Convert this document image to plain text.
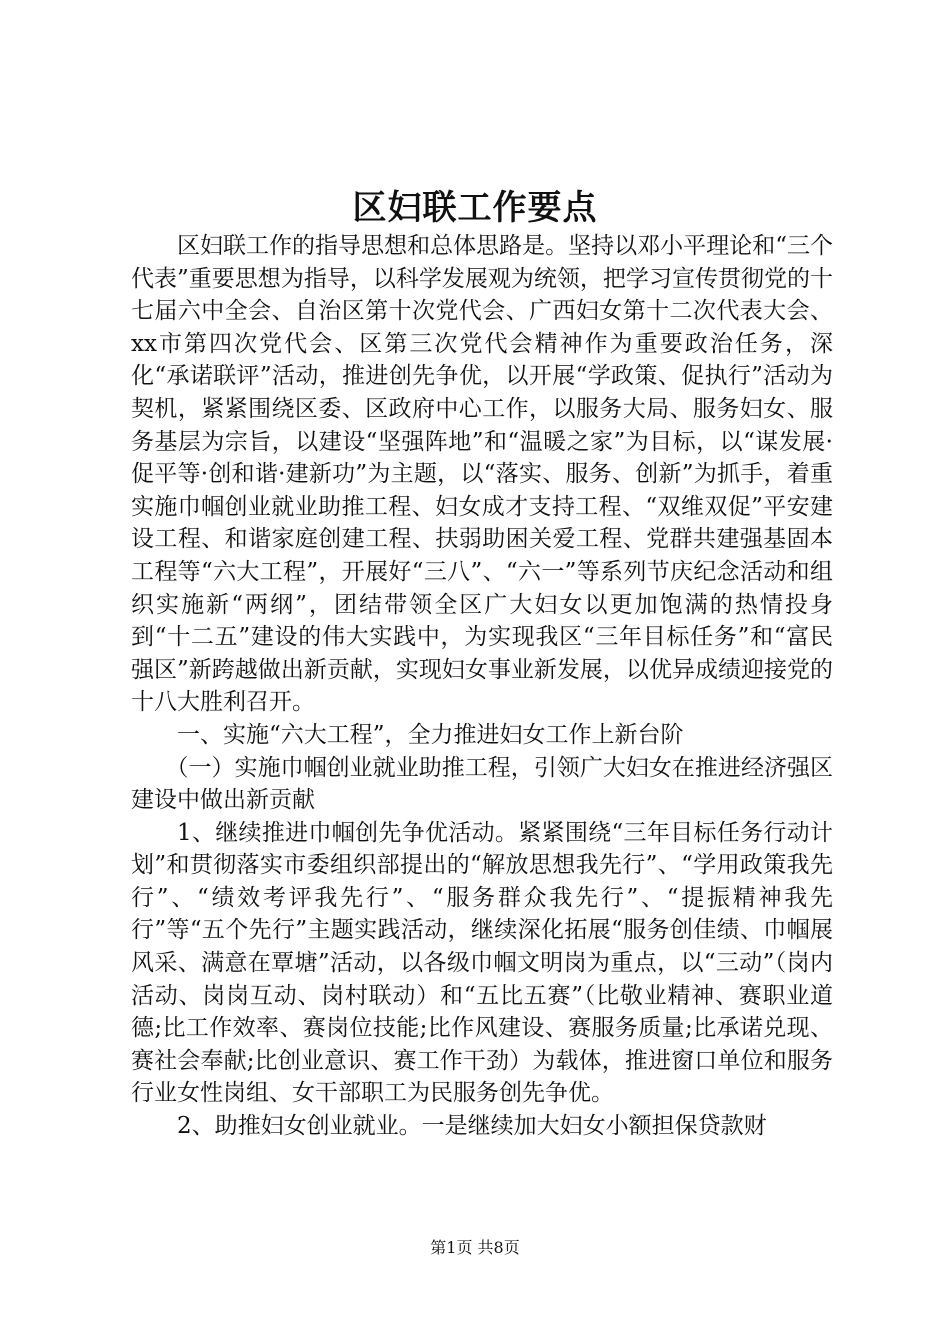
区妇联工作要点

区妇联工作的指导思想和总体思路是。坚持以邓小平理论和“三个代表”重要思想为指导，以科学发展观为统领，把学习宣传贯彻党的十七届六中全会、自治区第十次党代会、广西妇女第十二次代表大会、xx市第四次党代会、区第三次党代会精神作为重要政治任务，深化“承诺联评”活动，推进创先争优，以开展“学政策、促执行”活动为契机，紧紧围绕区委、区政府中心工作，以服务大局、服务妇女、服务基层为宗旨，以建设“坚强阵地”和“温暖之家”为目标，以“谋发展·促平等·创和谐·建新功”为主题，以“落实、服务、创新”为抓手，着重实施巾帼创业就业助推工程、妇女成才支持工程、“双维双促”平安建设工程、和谐家庭创建工程、扶弱助困关爱工程、党群共建强基固本工程等“六大工程”，开展好“三八”、“六一”等系列节庆纪念活动和组织实施新“两纲”，团结带领全区广大妇女以更加饱满的热情投身到“十二五”建设的伟大实践中，为实现我区“三年目标任务”和“富民强区”新跨越做出新贡献，实现妇女事业新发展，以优异成绩迎接党的十八大胜利召开。

一、实施“六大工程”，全力推进妇女工作上新台阶

（一）实施巾帼创业就业助推工程，引领广大妇女在推进经济强区建设中做出新贡献

1、继续推进巾帼创先争优活动。紧紧围绕“三年目标任务行动计划”和贯彻落实市委组织部提出的“解放思想我先行”、“学用政策我先行”、“绩效考评我先行”、“服务群众我先行”、“提振精神我先行”等“五个先行”主题实践活动，继续深化拓展“服务创佳绩、巾帼展风采、满意在覃塘”活动，以各级巾帼文明岗为重点，以“三动”（岗内活动、岗岗互动、岗村联动）和“五比五赛”（比敬业精神、赛职业道德;比工作效率、赛岗位技能;比作风建设、赛服务质量;比承诺兑现、赛社会奉献;比创业意识、赛工作干劲）为载体，推进窗口单位和服务行业女性岗组、女干部职工为民服务创先争优。

2、助推妇女创业就业。一是继续加大妇女小额担保贷款财

第1页 共8页
